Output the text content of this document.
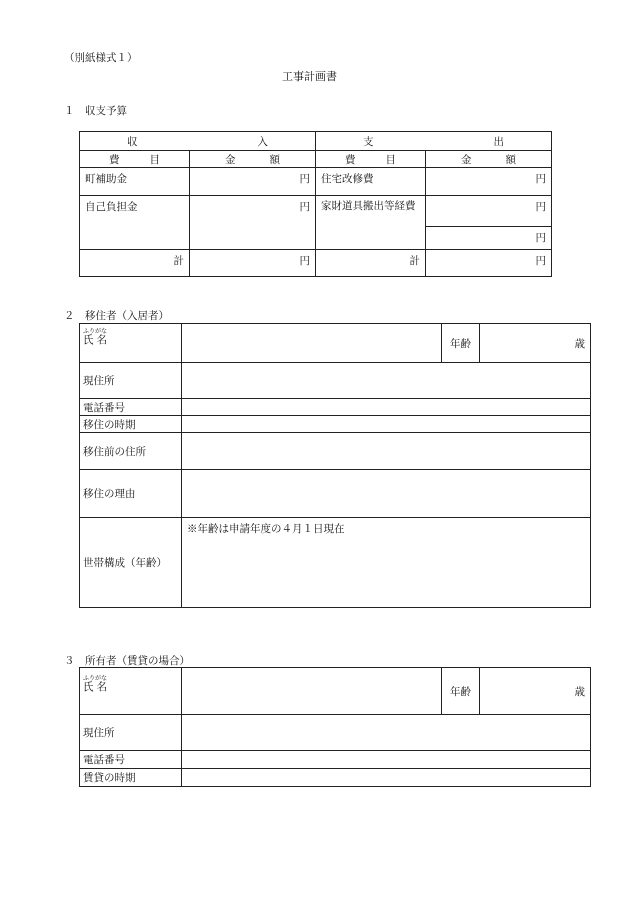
（別紙様式１）
工事計画書
１　収支予算
収 入		支 出	

費 目	金 額	費 目	金 額

町補助金	円	住宅改修費	円
自己負担金	円	家財道具搬出等経費	円
			円
計	円	計	円
２　移住者（入居者）
ふりがな
氏名		年齢	歳
現住所			
電話番号			
移住の時期			
移住前の住所			
移住の理由			
世帯構成（年齢）	※年齢は申請年度の４月１日現在		
３　所有者（賃貸の場合）
ふりがな
氏名		年齢	歳
現住所			
電話番号			
賃貸の時期			
